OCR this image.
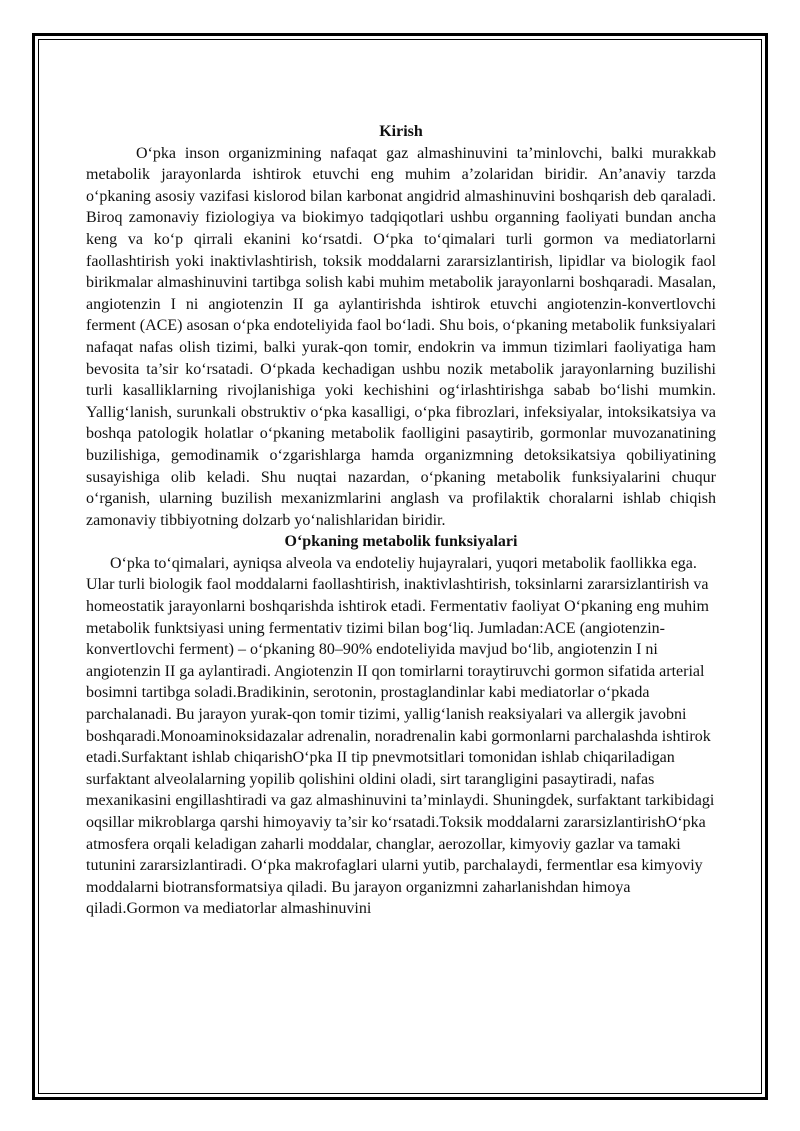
Kirish

O‘pka inson organizmining nafaqat gaz almashinuvini ta’minlovchi, balki murakkab metabolik jarayonlarda ishtirok etuvchi eng muhim a’zolaridan biridir. An’anaviy tarzda o‘pkaning asosiy vazifasi kislorod bilan karbonat angidrid almashinuvini boshqarish deb qaraladi. Biroq zamonaviy fiziologiya va biokimyo tadqiqotlari ushbu organning faoliyati bundan ancha keng va ko‘p qirrali ekanini ko‘rsatdi. O‘pka to‘qimalari turli gormon va mediatorlarni faollashtirish yoki inaktivlashtirish, toksik moddalarni zararsizlantirish, lipidlar va biologik faol birikmalar almashinuvini tartibga solish kabi muhim metabolik jarayonlarni boshqaradi. Masalan, angiotenzin I ni angiotenzin II ga aylantirishda ishtirok etuvchi angiotenzin-konvertlovchi ferment (ACE) asosan o‘pka endoteliyida faol bo‘ladi. Shu bois, o‘pkaning metabolik funksiyalari nafaqat nafas olish tizimi, balki yurak-qon tomir, endokrin va immun tizimlari faoliyatiga ham bevosita ta’sir ko‘rsatadi. O‘pkada kechadigan ushbu nozik metabolik jarayonlarning buzilishi turli kasalliklarning rivojlanishiga yoki kechishini og‘irlashtirishga sabab bo‘lishi mumkin. Yallig‘lanish, surunkali obstruktiv o‘pka kasalligi, o‘pka fibrozlari, infeksiyalar, intoksikatsiya va boshqa patologik holatlar o‘pkaning metabolik faolligini pasaytirib, gormonlar muvozanatining buzilishiga, gemodinamik o‘zgarishlarga hamda organizmning detoksikatsiya qobiliyatining susayishiga olib keladi. Shu nuqtai nazardan, o‘pkaning metabolik funksiyalarini chuqur o‘rganish, ularning buzilish mexanizmlarini anglash va profilaktik choralarni ishlab chiqish zamonaviy tibbiyotning dolzarb yo‘nalishlaridan biridir.

O‘pkaning metabolik funksiyalari

O‘pka to‘qimalari, ayniqsa alveola va endoteliy hujayralari, yuqori metabolik faollikka ega. Ular turli biologik faol moddalarni faollashtirish, inaktivlashtirish, toksinlarni zararsizlantirish va homeostatik jarayonlarni boshqarishda ishtirok etadi. Fermentativ faoliyat O‘pkaning eng muhim metabolik funktsiyasi uning fermentativ tizimi bilan bog‘liq. Jumladan:ACE (angiotenzin-konvertlovchi ferment) – o‘pkaning 80–90% endoteliyida mavjud bo‘lib, angiotenzin I ni angiotenzin II ga aylantiradi. Angiotenzin II qon tomirlarni toraytiruvchi gormon sifatida arterial bosimni tartibga soladi.Bradikinin, serotonin, prostaglandinlar kabi mediatorlar o‘pkada parchalanadi. Bu jarayon yurak-qon tomir tizimi, yallig‘lanish reaksiyalari va allergik javobni boshqaradi.Monoaminoksidazalar adrenalin, noradrenalin kabi gormonlarni parchalashda ishtirok etadi.Surfaktant ishlab chiqarishO‘pka II tip pnevmotsitlari tomonidan ishlab chiqariladigan surfaktant alveolalarning yopilib qolishini oldini oladi, sirt tarangligini pasaytiradi, nafas mexanikasini engillashtiradi va gaz almashinuvini ta’minlaydi. Shuningdek, surfaktant tarkibidagi oqsillar mikroblarga qarshi himoyaviy ta’sir ko‘rsatadi.Toksik moddalarni zararsizlantirishO‘pka atmosfera orqali keladigan zaharli moddalar, changlar, aerozollar, kimyoviy gazlar va tamaki tutunini zararsizlantiradi. O‘pka makrofaglari ularni yutib, parchalaydi, fermentlar esa kimyoviy moddalarni biotransformatsiya qiladi. Bu jarayon organizmni zaharlanishdan himoya qiladi.Gormon va mediatorlar almashinuvini
